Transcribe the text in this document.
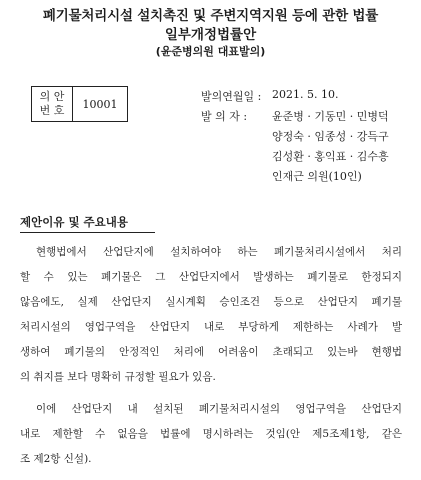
폐기물처리시설 설치촉진 및 주변지역지원 등에 관한 법률
일부개정법률안
(윤준병의원 대표발의)
의 안
번 호	10001
발의연월일 : 2021. 5. 10.
발 의 자 : 윤준병 · 기동민 · 민병덕
양정숙 · 임종성 · 강득구
김성환 · 홍익표 · 김수흥
인재근 의원(10인)
제안이유 및 주요내용
현행법에서 산업단지에 설치하여야 하는 폐기물처리시설에서 처리
할 수 있는 폐기물은 그 산업단지에서 발생하는 폐기물로 한정되지
않음에도, 실제 산업단지 실시계획 승인조건 등으로 산업단지 폐기물
처리시설의 영업구역을 산업단지 내로 부당하게 제한하는 사례가 발
생하여 폐기물의 안정적인 처리에 어려움이 초래되고 있는바 현행법
의 취지를 보다 명확히 규정할 필요가 있음.
이에 산업단지 내 설치된 폐기물처리시설의 영업구역을 산업단지
내로 제한할 수 없음을 법률에 명시하려는 것임(안 제5조제1항, 같은
조 제2항 신설).
